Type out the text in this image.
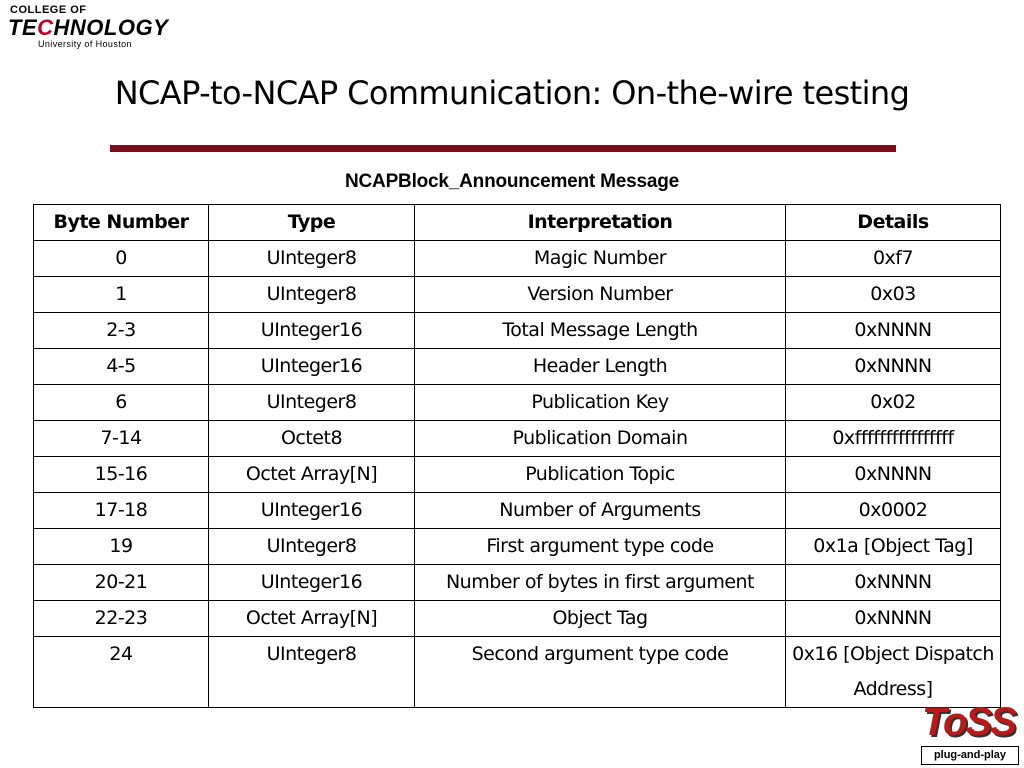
COLLEGE OF
TECHNOLOGY
University of Houston
NCAP-to-NCAP Communication: On-the-wire testing
NCAPBlock_Announcement Message
Byte Number	Type	Interpretation	Details
0	UInteger8	Magic Number	0xf7
1	UInteger8	Version Number	0x03
2-3	UInteger16	Total Message Length	0xNNNN
4-5	UInteger16	Header Length	0xNNNN
6	UInteger8	Publication Key	0x02
7-14	Octet8	Publication Domain	0xffffffffffffffff
15-16	Octet Array[N]	Publication Topic	0xNNNN
17-18	UInteger16	Number of Arguments	0x0002
19	UInteger8	First argument type code	0x1a [Object Tag]
20-21	UInteger16	Number of bytes in first argument	0xNNNN
22-23	Octet Array[N]	Object Tag	0xNNNN
24	UInteger8	Second argument type code	0x16 [Object Dispatch Address]
ToSS
plug-and-play
